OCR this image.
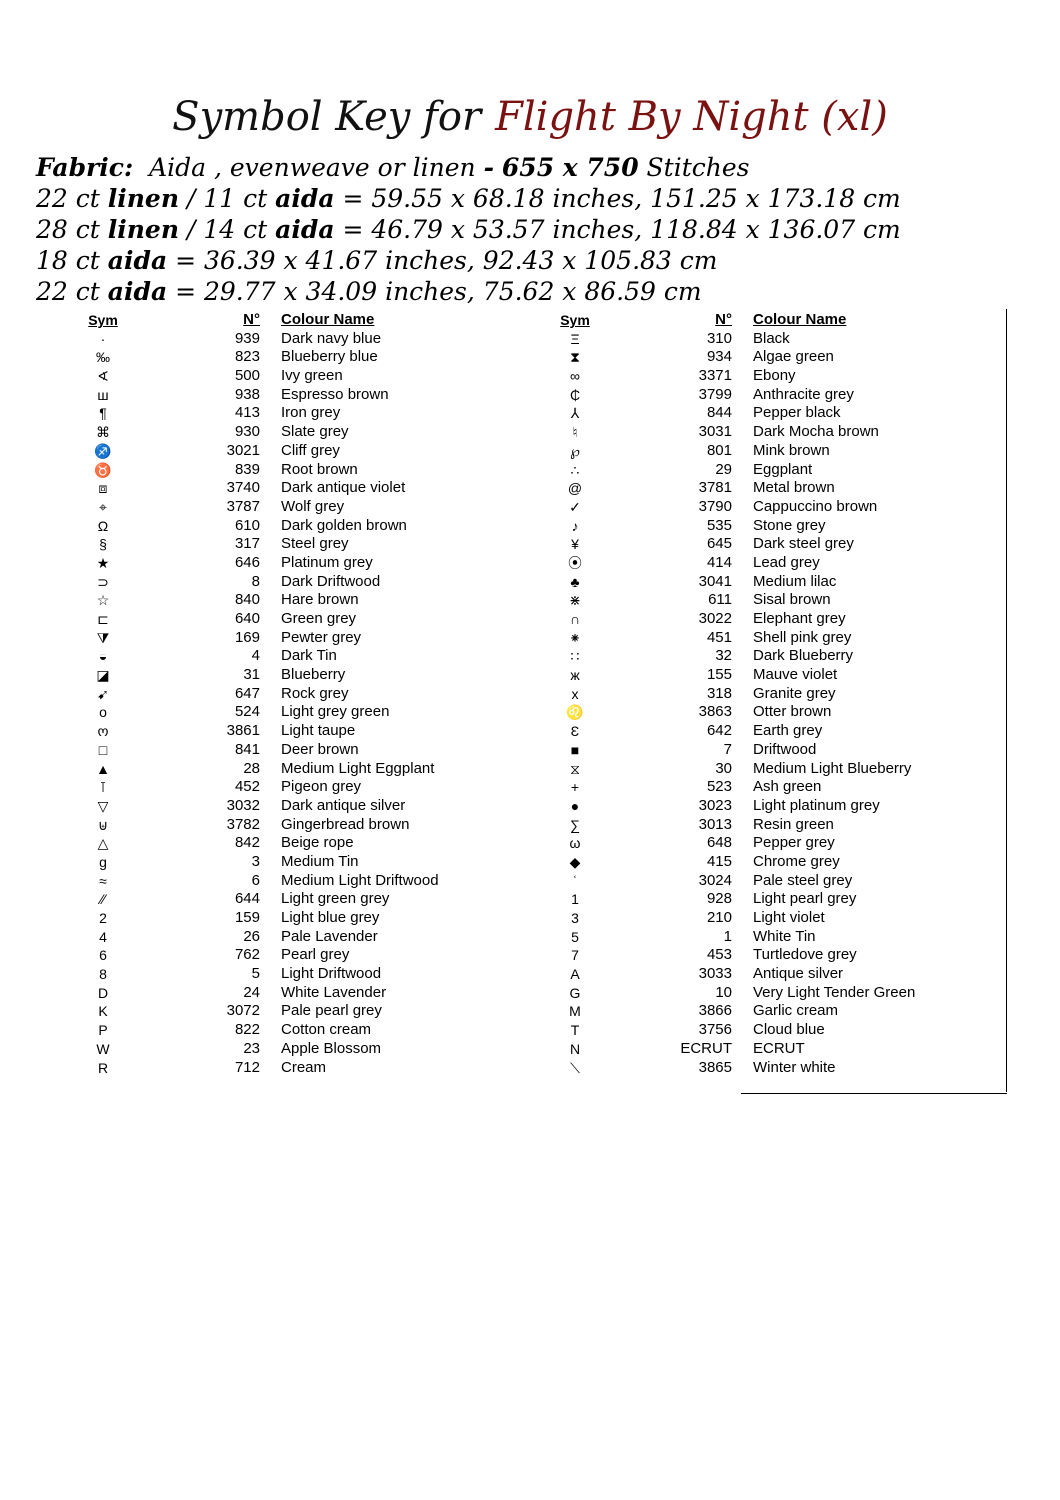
Symbol Key for Flight By Night (xl)
Fabric: Aida , evenweave or linen - 655 x 750 Stitches
22 ct linen / 11 ct aida = 59.55 x 68.18 inches, 151.25 x 173.18 cm
28 ct linen / 14 ct aida = 46.79 x 53.57 inches, 118.84 x 136.07 cm
18 ct aida = 36.39 x 41.67 inches, 92.43 x 105.83 cm
22 ct aida = 29.77 x 34.09 inches, 75.62 x 86.59 cm
Sym	N° Colour Name
·	939 Dark navy blue
‰	823 Blueberry blue
∢	500 Ivy green
ш	938 Espresso brown
¶	413 Iron grey
⌘	930 Slate grey
♐	3021 Cliff grey
♉	839 Root brown
⧈	3740 Dark antique violet
⌖	3787 Wolf grey
Ω	610 Dark golden brown
§	317 Steel grey
★	646 Platinum grey
⊃	8 Dark Driftwood
☆	840 Hare brown
⊏	640 Green grey
⧩	169 Pewter grey
◒	4 Dark Tin
◪	31 Blueberry
➹	647 Rock grey
o	524 Light grey green
ო	3861 Light taupe
□	841 Deer brown
▲	28 Medium Light Eggplant
⊺	452 Pigeon grey
▽	3032 Dark antique silver
⊎	3782 Gingerbread brown
△	842 Beige rope
g	3 Medium Tin
≈	6 Medium Light Driftwood
⁄⁄	644 Light green grey
2	159 Light blue grey
4	26 Pale Lavender
6	762 Pearl grey
8	5 Light Driftwood
D	24 White Lavender
K	3072 Pale pearl grey
P	822 Cotton cream
W	23 Apple Blossom
R	712 Cream
Sym	N° Colour Name
Ξ	310 Black
⧗	934 Algae green
∞	3371 Ebony
₵	3799 Anthracite grey
⅄	844 Pepper black
♮	3031 Dark Mocha brown
℘	801 Mink brown
∴	29 Eggplant
@	3781 Metal brown
✓	3790 Cappuccino brown
♪	535 Stone grey
¥	645 Dark steel grey
⦿	414 Lead grey
♣	3041 Medium lilac
⋇	611 Sisal brown
∩	3022 Elephant grey
⁕	451 Shell pink grey
∷	32 Dark Blueberry
ж	155 Mauve violet
x	318 Granite grey
♌	3863 Otter brown
Ɛ	642 Earth grey
■	7 Driftwood
⧖	30 Medium Light Blueberry
+	523 Ash green
●	3023 Light platinum grey
∑	3013 Resin green
ω	648 Pepper grey
◆	415 Chrome grey
ʿ	3024 Pale steel grey
1	928 Light pearl grey
3	210 Light violet
5	1 White Tin
7	453 Turtledove grey
A	3033 Antique silver
G	10 Very Light Tender Green
M	3866 Garlic cream
T	3756 Cloud blue
N	ECRUT ECRUT
⟍	3865 Winter white
